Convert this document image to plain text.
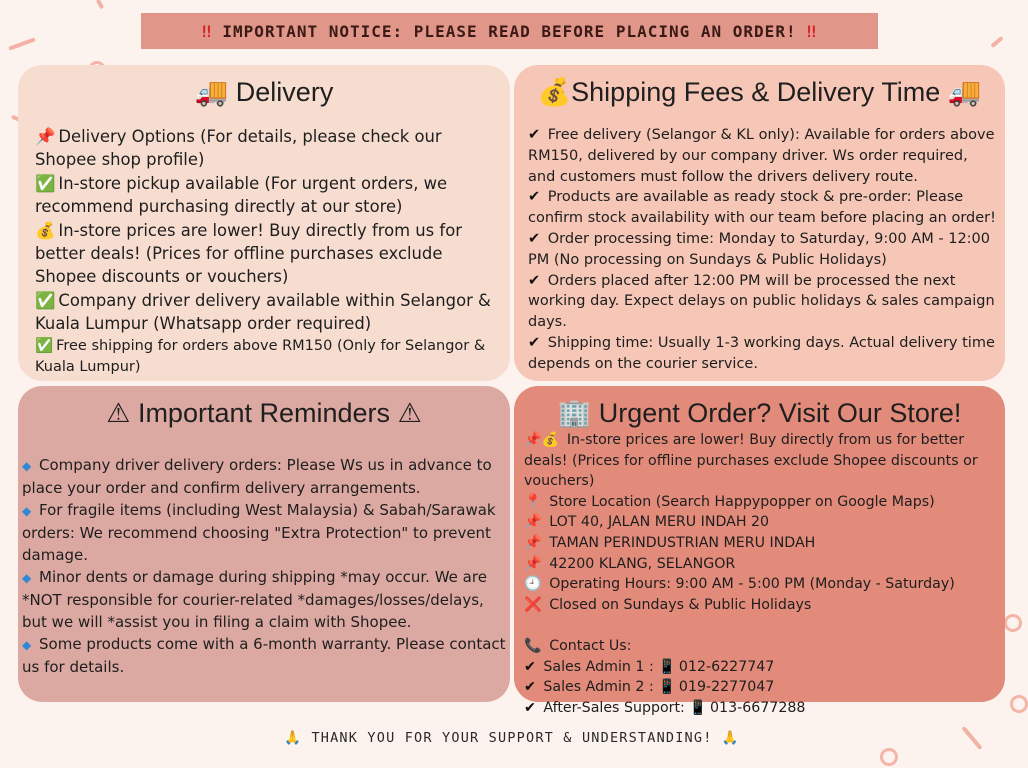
‼ IMPORTANT NOTICE: PLEASE READ BEFORE PLACING AN ORDER! ‼
🚚 Delivery
📌 Delivery Options (For details, please check our Shopee shop profile)
✅ In-store pickup available (For urgent orders, we recommend purchasing directly at our store)
💰 In-store prices are lower! Buy directly from us for better deals! (Prices for offline purchases exclude Shopee discounts or vouchers)
✅ Company driver delivery available within Selangor & Kuala Lumpur (Whatsapp order required)
✅ Free shipping for orders above RM150 (Only for Selangor & Kuala Lumpur)
💰Shipping Fees & Delivery Time 🚚
✔ Free delivery (Selangor & KL only): Available for orders above RM150, delivered by our company driver. Ws order required, and customers must follow the drivers delivery route.
✔ Products are available as ready stock & pre-order: Please confirm stock availability with our team before placing an order!
✔ Order processing time: Monday to Saturday, 9:00 AM - 12:00 PM (No processing on Sundays & Public Holidays)
✔ Orders placed after 12:00 PM will be processed the next working day. Expect delays on public holidays & sales campaign days.
✔ Shipping time: Usually 1-3 working days. Actual delivery time depends on the courier service.
⚠ Important Reminders ⚠
◆ Company driver delivery orders: Please Ws us in advance to place your order and confirm delivery arrangements.
◆ For fragile items (including West Malaysia) & Sabah/Sarawak orders: We recommend choosing "Extra Protection" to prevent damage.
◆ Minor dents or damage during shipping *may occur. We are *NOT responsible for courier-related *damages/losses/delays, but we will *assist you in filing a claim with Shopee.
◆ Some products come with a 6-month warranty. Please contact us for details.
🏢 Urgent Order? Visit Our Store!
📌💰 In-store prices are lower! Buy directly from us for better deals! (Prices for offline purchases exclude Shopee discounts or vouchers)
📍 Store Location (Search Happypopper on Google Maps)
📌 LOT 40, JALAN MERU INDAH 20
📌 TAMAN PERINDUSTRIAN MERU INDAH
📌 42200 KLANG, SELANGOR
🕘 Operating Hours: 9:00 AM - 5:00 PM (Monday - Saturday)
❌ Closed on Sundays & Public Holidays
📞 Contact Us:
✔ Sales Admin 1 : 📱 012-6227747
✔ Sales Admin 2 : 📱 019-2277047
✔ After-Sales Support: 📱 013-6677288
🙏 THANK YOU FOR YOUR SUPPORT & UNDERSTANDING! 🙏
